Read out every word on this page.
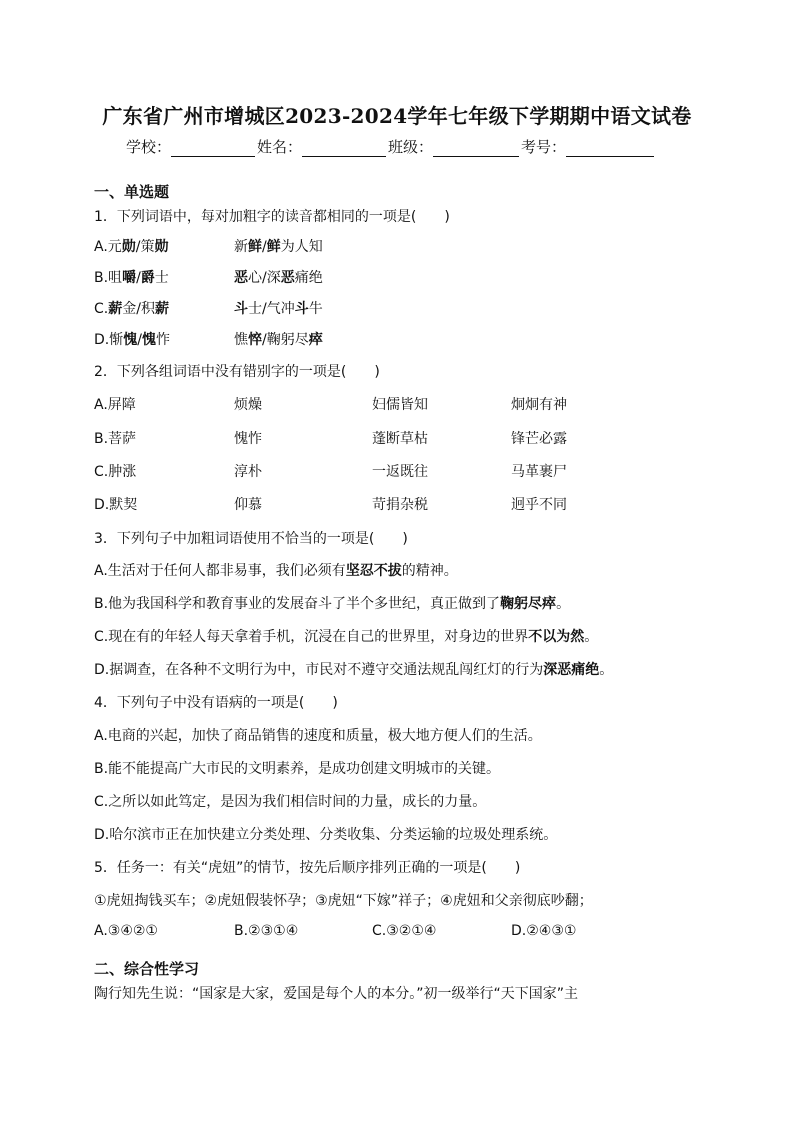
广东省广州市增城区2023-2024学年七年级下学期期中语文试卷
学校：	姓名：	班级：	考号：
一、单选题
1．下列词语中，每对加粗字的读音都相同的一项是(　　)
A.元勋/策勋	新鲜/鲜为人知
B.咀嚼/爵士	恶心/深恶痛绝
C.薪金/积薪	斗士/气冲斗牛
D.惭愧/愧怍	憔悴/鞠躬尽瘁
2．下列各组词语中没有错别字的一项是(　　)
A.屏障	烦燥	妇儒皆知	炯炯有神
B.菩萨	愧怍	蓬断草枯	锋芒必露
C.肿涨	淳朴	一返既往	马革裹尸
D.默契	仰慕	苛捐杂税	迥乎不同
3．下列句子中加粗词语使用不恰当的一项是(　　)
A.生活对于任何人都非易事，我们必须有坚忍不拔的精神。
B.他为我国科学和教育事业的发展奋斗了半个多世纪，真正做到了鞠躬尽瘁。
C.现在有的年轻人每天拿着手机，沉浸在自己的世界里，对身边的世界不以为然。
D.据调查，在各种不文明行为中，市民对不遵守交通法规乱闯红灯的行为深恶痛绝。
4．下列句子中没有语病的一项是(　　)
A.电商的兴起，加快了商品销售的速度和质量，极大地方便人们的生活。
B.能不能提高广大市民的文明素养，是成功创建文明城市的关键。
C.之所以如此笃定，是因为我们相信时间的力量，成长的力量。
D.哈尔滨市正在加快建立分类处理、分类收集、分类运输的垃圾处理系统。
5．任务一：有关“虎妞”的情节，按先后顺序排列正确的一项是(　　)
①虎妞掏钱买车；②虎妞假装怀孕；③虎妞“下嫁”祥子；④虎妞和父亲彻底吵翻；
A.③④②①	B.②③①④	C.③②①④	D.②④③①
二、综合性学习
陶行知先生说：“国家是大家，爱国是每个人的本分。”初一级举行“天下国家”主
